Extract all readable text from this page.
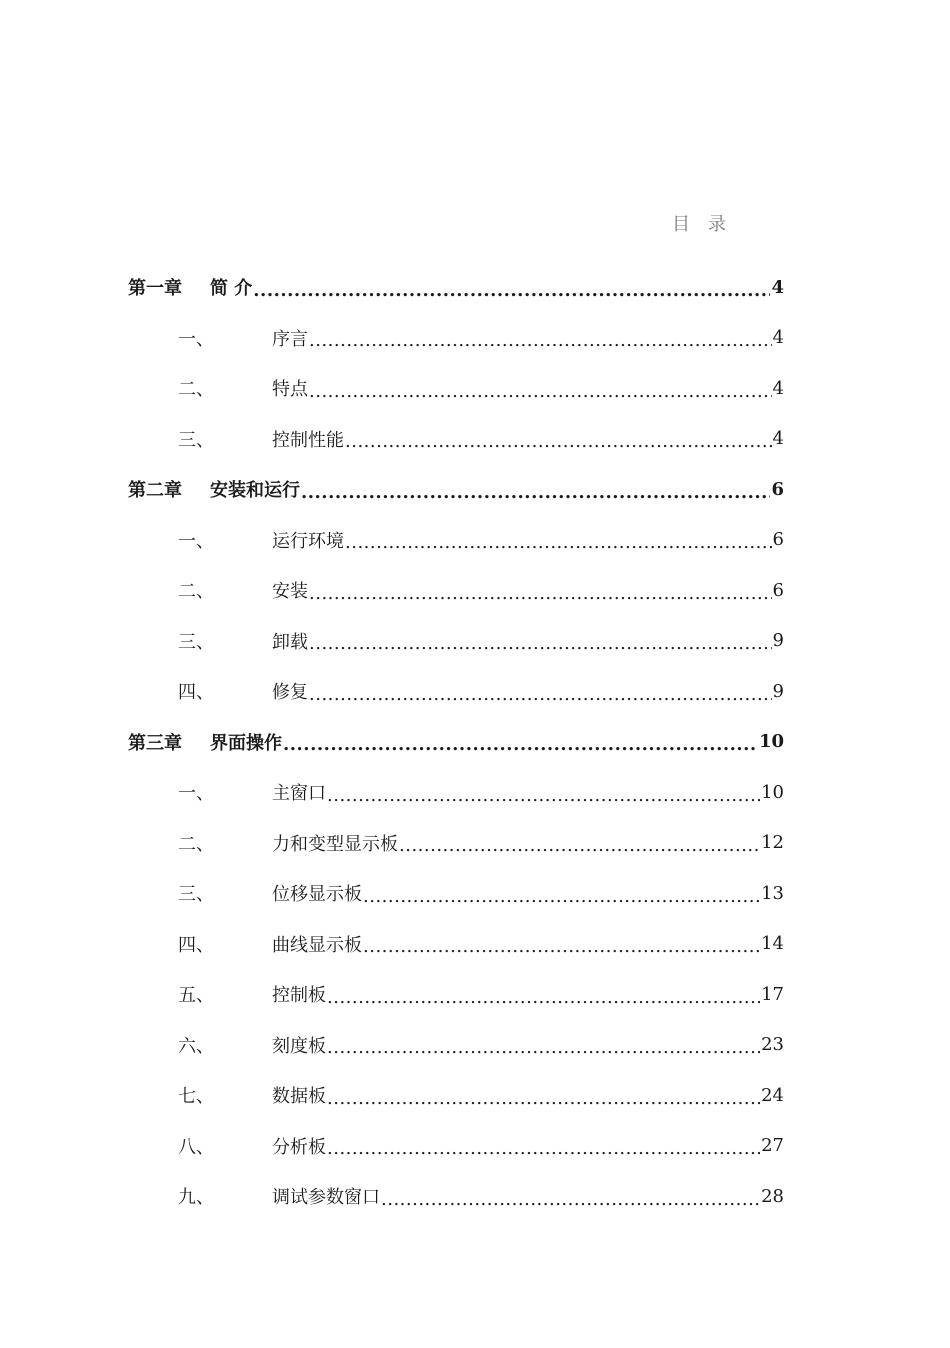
目 录
第一章	简 介 .....	4
一、	序言 .....	4
二、	特点 .....	4
三、	控制性能 .....	4
第二章	安装和运行 .....	6
一、	运行环境 .....	6
二、	安装 .....	6
三、	卸载 .....	9
四、	修复 .....	9
第三章	界面操作 .....	10
一、	主窗口 .....	10
二、	力和变型显示板 .....	12
三、	位移显示板 .....	13
四、	曲线显示板 .....	14
五、	控制板 .....	17
六、	刻度板 .....	23
七、	数据板 .....	24
八、	分析板 .....	27
九、	调试参数窗口 .....	28
